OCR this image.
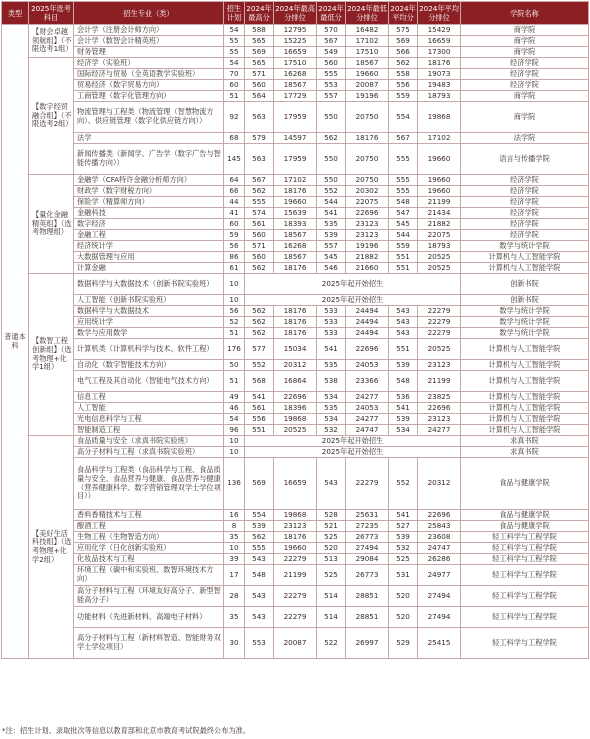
类型	2025年选考科目	招生专业（类）	招生计划	2024年最高分	2024年最高分排位	2024年最低分	2024年最低分排位	2024年平均分	2024年平均分排位	学院名称
普通本科	【财会卓越领航组】（不限选考1组）	会计学（注册会计师方向）	54	588	12795	570	16482	575	15429	商学院
		会计学（数智会计精英班）	55	565	15225	567	17102	569	16659	商学院
		财务管理	55	569	16659	549	17510	566	17300	商学院
	【数字经贸融合组】（不限选考2组）	经济学（实验班）	54	565	17510	560	18567	562	18176	经济学院
		国际经济与贸易（全英语教学实验班）	70	571	16268	555	19660	558	19073	经济学院
		贸易经济（数字贸易方向）	60	560	18567	553	20087	556	19483	经济学院
		工商管理（数字化管理方向）	51	564	17729	557	19196	559	18793	商学院
		物流管理与工程类（物流管理（智慧物流方向）、供应链管理（数字化供应链方向））	92	563	17959	550	20750	554	19868	商学院
		法学	68	579	14597	562	18176	567	17102	法学院
		新闻传播类（新闻学、广告学（数字广告与智能传播方向））	145	563	17959	550	20750	555	19660	语言与传播学院
	【量化金融精英组】（选考物理组）	金融学（CFA特许金融分析师方向）	64	567	17102	550	20750	555	19660	经济学院
		财政学（数字财税方向）	66	562	18176	552	20302	555	19660	经济学院
		保险学（精算师方向）	44	555	19660	544	22075	548	21199	经济学院
		金融科技	41	574	15639	541	22696	547	21434	经济学院
		数字经济	60	561	18393	535	23123	545	21882	经济学院
		金融工程	59	560	18567	539	23123	544	22075	经济学院
		经济统计学	56	571	16268	557	19196	559	18793	数学与统计学院
		大数据管理与应用	86	560	18567	545	21882	551	20525	计算机与人工智能学院
		计算金融	61	562	18176	546	21660	551	20525	计算机与人工智能学院
	【数智工程创新组】（选考物理+化学1组）	数据科学与大数据技术（创新书院实验班）	10	2025年起开始招生						创新书院
		人工智能（创新书院实验班）	10	2025年起开始招生						创新书院
		数据科学与大数据技术	56	562	18176	533	24494	543	22279	数学与统计学院
		应用统计学	52	562	18176	533	24494	543	22279	数学与统计学院
		数学与应用数学	51	562	18176	533	24494	543	22279	数学与统计学院
		计算机类（计算机科学与技术、软件工程）	176	577	15034	541	22696	551	20525	计算机与人工智能学院
		自动化（数字智能技术方向）	50	552	20312	535	24053	539	23123	计算机与人工智能学院
		电气工程及其自动化（智能电气技术方向）	51	568	16864	538	23366	548	21199	计算机与人工智能学院
		信息工程	49	541	22696	534	24277	536	23825	计算机与人工智能学院
		人工智能	46	561	18396	535	24053	541	22696	计算机与人工智能学院
		光电信息科学与工程	54	556	19868	534	24277	539	23123	计算机与人工智能学院
		智能制造工程	96	551	20525	532	24747	534	24277	计算机与人工智能学院
	【美好生活科技组】（选考物理+化学2组）	食品质量与安全（求真书院实验班）	10	2025年起开始招生						求真书院
		高分子材料与工程（求真书院实验班）	10	2025年起开始招生						求真书院
		食品科学与工程类（食品科学与工程、食品质量与安全、食品营养与健康、食品营养与健康（营养健康科学、数字营销管理双学士学位项目））	136	569	16659	543	22279	552	20312	食品与健康学院
		香料香精技术与工程	16	554	19868	528	25631	541	22696	食品与健康学院
		酿酒工程	8	539	23123	521	27235	527	25843	食品与健康学院
		生物工程（生物智造方向）	35	562	18176	525	26773	539	23608	轻工科学与工程学院
		应用化学（日化创新实验班）	10	555	19660	520	27494	532	24747	轻工科学与工程学院
		化妆品技术与工程	39	543	22279	513	29084	525	26286	轻工科学与工程学院
		环境工程（碳中和实验班、数智环境技术方向）	17	548	21199	525	26773	531	24977	轻工科学与工程学院
		高分子材料与工程（环境友好高分子、新型智能高分子）	28	543	22279	514	28851	520	27494	轻工科学与工程学院
		功能材料（先进新材料、高端电子材料）	35	543	22279	514	28851	520	27494	轻工科学与工程学院
		高分子材料与工程（新材料智造、智能财务双学士学位项目）	30	553	20087	522	26997	529	25415	轻工科学与工程学院
*注：招生计划、录取批次等信息以教育部和北京市教育考试院最终公布为准。
